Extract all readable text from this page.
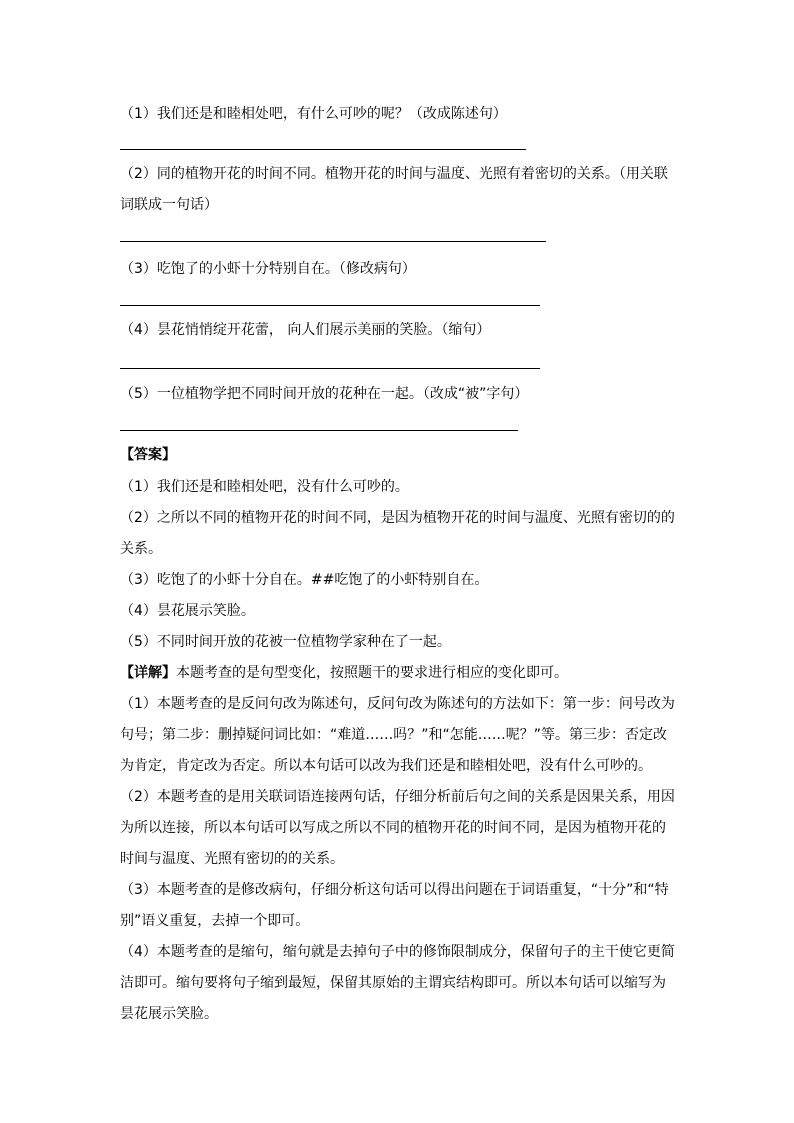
（1）我们还是和睦相处吧，有什么可吵的呢？（改成陈述句）
（2）同的植物开花的时间不同。植物开花的时间与温度、光照有着密切的关系。（用关联
词联成一句话）
（3）吃饱了的小虾十分特别自在。（修改病句）
（4）昙花悄悄绽开花蕾， 向人们展示美丽的笑脸。（缩句）
（5）一位植物学把不同时间开放的花种在一起。（改成“被”字句）
【答案】
（1）我们还是和睦相处吧，没有什么可吵的。
（2）之所以不同的植物开花的时间不同，是因为植物开花的时间与温度、光照有密切的的
关系。
（3）吃饱了的小虾十分自在。##吃饱了的小虾特别自在。
（4）昙花展示笑脸。
（5）不同时间开放的花被一位植物学家种在了一起。
【详解】本题考查的是句型变化，按照题干的要求进行相应的变化即可。
（1）本题考查的是反问句改为陈述句，反问句改为陈述句的方法如下：第一步：问号改为
句号；第二步：删掉疑问词比如：“难道……吗？”和“怎能……呢？”等。第三步：否定改
为肯定，肯定改为否定。所以本句话可以改为我们还是和睦相处吧，没有什么可吵的。
（2）本题考查的是用关联词语连接两句话，仔细分析前后句之间的关系是因果关系，用因
为所以连接，所以本句话可以写成之所以不同的植物开花的时间不同，是因为植物开花的
时间与温度、光照有密切的的关系。
（3）本题考查的是修改病句，仔细分析这句话可以得出问题在于词语重复，“十分”和“特
别”语义重复，去掉一个即可。
（4）本题考查的是缩句，缩句就是去掉句子中的修饰限制成分，保留句子的主干使它更简
洁即可。缩句要将句子缩到最短，保留其原始的主谓宾结构即可。所以本句话可以缩写为
昙花展示笑脸。
